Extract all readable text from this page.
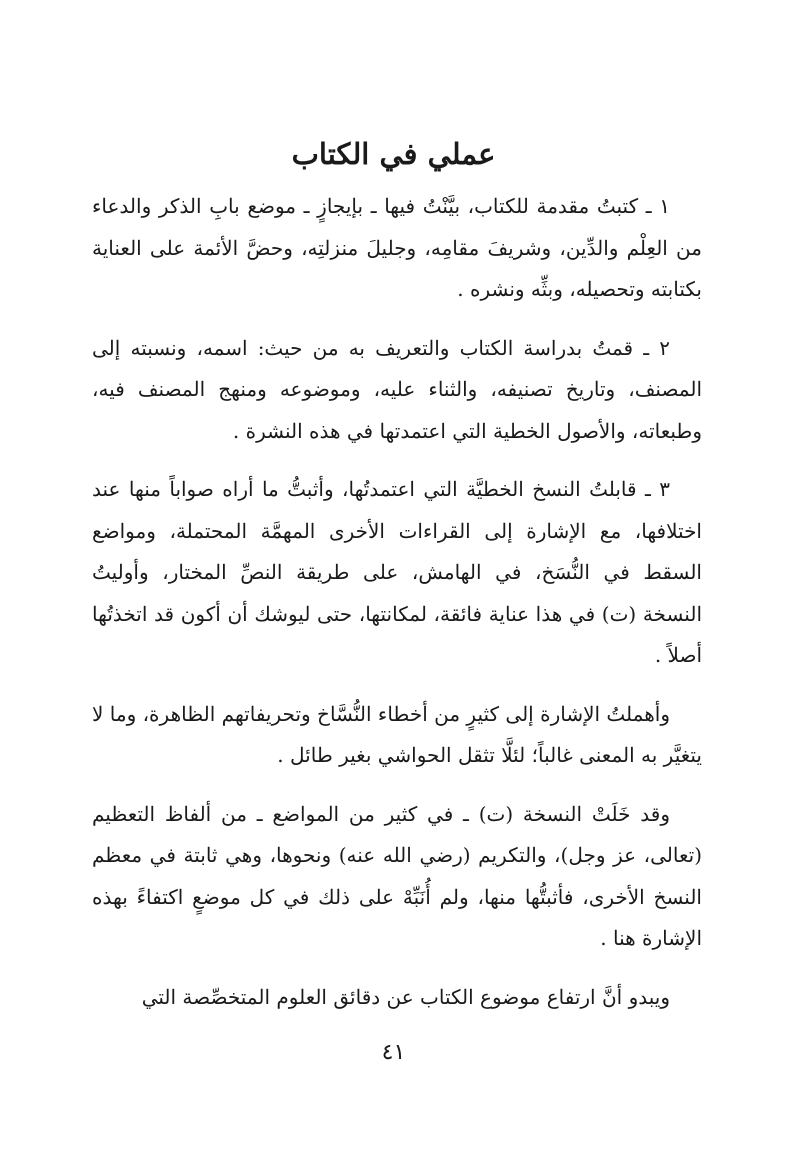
عملي في الكتاب

١ ـ كتبتُ مقدمة للكتاب، بيَّنْتُ فيها ـ بإيجازٍ ـ موضع بابِ الذكر والدعاء من العِلْم والدِّين، وشريفَ مقامِه، وجليلَ منزلتِه، وحضَّ الأئمة على العناية بكتابته وتحصيله، وبثِّه ونشره .

٢ ـ قمتُ بدراسة الكتاب والتعريف به من حيث: اسمه، ونسبته إلى المصنف، وتاريخ تصنيفه، والثناء عليه، وموضوعه ومنهج المصنف فيه، وطبعاته، والأصول الخطية التي اعتمدتها في هذه النشرة .

٣ ـ قابلتُ النسخ الخطيَّة التي اعتمدتُها، وأثبتُّ ما أراه صواباً منها عند اختلافها، مع الإشارة إلى القراءات الأخرى المهمَّة المحتملة، ومواضع السقط في النُّسَخ، في الهامش، على طريقة النصِّ المختار، وأوليتُ النسخة (ت) في هذا عناية فائقة، لمكانتها، حتى ليوشك أن أكون قد اتخذتُها أصلاً .

وأهملتُ الإشارة إلى كثيرٍ من أخطاء النُّسَّاخ وتحريفاتهم الظاهرة، وما لا يتغيَّر به المعنى غالباً؛ لئلَّا تثقل الحواشي بغير طائل .

وقد خَلَتْ النسخة (ت) ـ في كثير من المواضع ـ من ألفاظ التعظيم (تعالى، عز وجل)، والتكريم (رضي الله عنه) ونحوها، وهي ثابتة في معظم النسخ الأخرى، فأثبتُّها منها، ولم أُنَبِّهْ على ذلك في كل موضعٍ اكتفاءً بهذه الإشارة هنا .

ويبدو أنَّ ارتفاع موضوع الكتاب عن دقائق العلوم المتخصِّصة التي

٤١
